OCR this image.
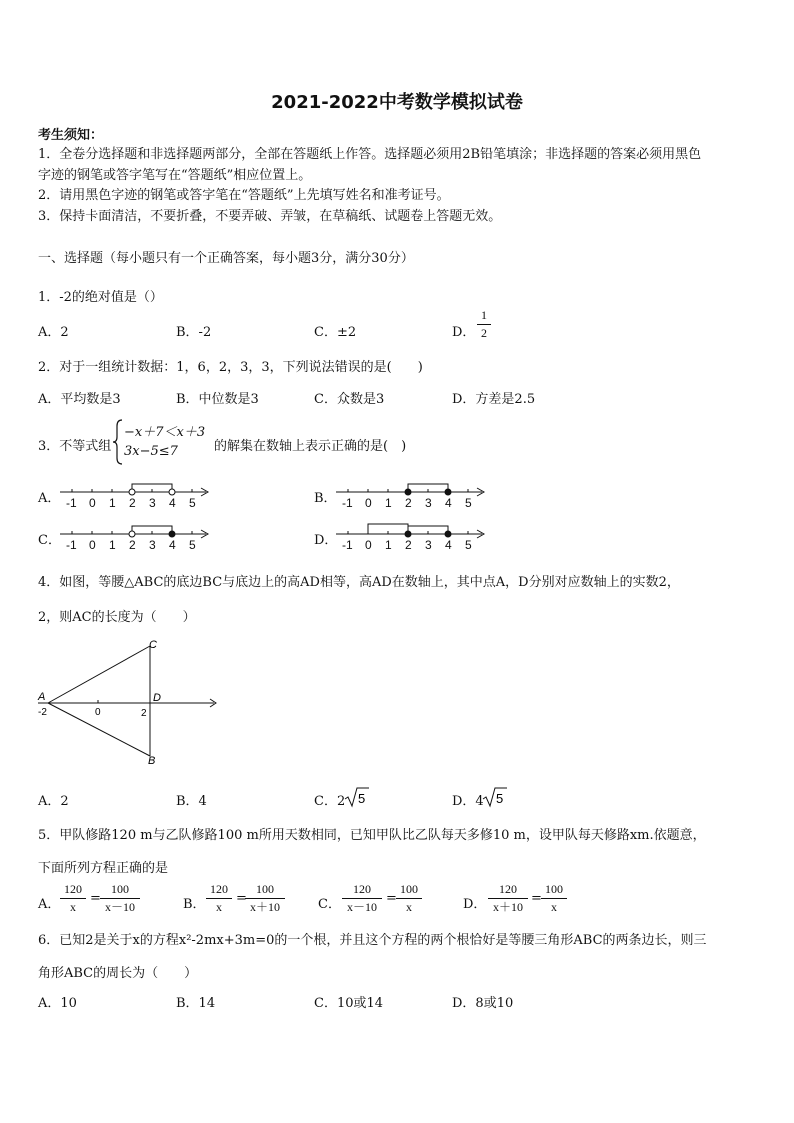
2021-2022中考数学模拟试卷
考生须知：
1．全卷分选择题和非选择题两部分，全部在答题纸上作答。选择题必须用2B铅笔填涂；非选择题的答案必须用黑色
字迹的钢笔或答字笔写在“答题纸”相应位置上。
2．请用黑色字迹的钢笔或答字笔在“答题纸”上先填写姓名和准考证号。
3．保持卡面清洁，不要折叠，不要弄破、弄皱，在草稿纸、试题卷上答题无效。
一、选择题（每小题只有一个正确答案，每小题3分，满分30分）
1．-2的绝对值是（）
A．2	B．-2	C．±2	D．
1
2
2．对于一组统计数据：1，6，2，3，3，下列说法错误的是(　　)
A．平均数是3	B．中位数是3	C．众数是3	D．方差是2.5
3．不等式组
−x＋7＜x＋3
3x−5≤7	的解集在数轴上表示正确的是(　)
A．	B．
C．	D．
-1 0 1 2 3 4 5	-1 0 1 2 3 4 5
-1 0 1 2 3 4 5	-1 0 1 2 3 4 5
4．如图，等腰△ABC的底边BC与底边上的高AD相等，高AD在数轴上，其中点A，D分别对应数轴上的实数2，
2，则AC的长度为（　　）
C
A	D
B
-2	0	2
A．2	B．4	C．2 5	D．4 5
5．甲队修路120 m与乙队修路100 m所用天数相同，已知甲队比乙队每天多修10 m，设甲队每天修路xm.依题意，
下面所列方程正确的是
A．
120
x
=
100
x－10	B．
120
x
=
100
x＋10	C．
120
x－10
=
100
x	D．
120
x＋10
=
100
x
6．已知2是关于x的方程x²-2mx+3m=0的一个根，并且这个方程的两个根恰好是等腰三角形ABC的两条边长，则三
角形ABC的周长为（　　）
A．10	B．14	C．10或14	D．8或10
